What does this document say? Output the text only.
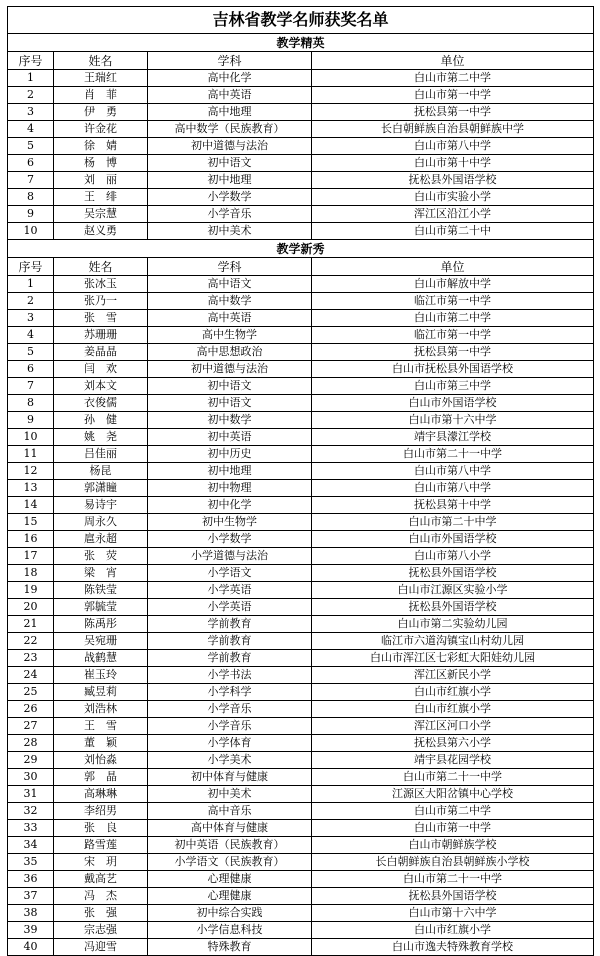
吉林省教学名师获奖名单			
教学精英			
序号	姓名	学科	单位
1	王瑞红	高中化学	白山市第二中学
2	肖　菲	高中英语	白山市第一中学
3	伊　勇	高中地理	抚松县第一中学
4	许金花	高中数学（民族教育）	长白朝鲜族自治县朝鲜族中学
5	徐　婧	初中道德与法治	白山市第八中学
6	杨　博	初中语文	白山市第十中学
7	刘　丽	初中地理	抚松县外国语学校
8	王　绯	小学数学	白山市实验小学
9	吴宗慧	小学音乐	浑江区沿江小学
10	赵义勇	初中美术	白山市第二十中
教学新秀			
序号	姓名	学科	单位
1	张冰玉	高中语文	白山市解放中学
2	张乃一	高中数学	临江市第一中学
3	张　雪	高中英语	白山市第二中学
4	苏珊珊	高中生物学	临江市第一中学
5	姜晶晶	高中思想政治	抚松县第一中学
6	闫　欢	初中道德与法治	白山市抚松县外国语学校
7	刘本文	初中语文	白山市第三中学
8	衣俊儒	初中语文	白山市外国语学校
9	孙　健	初中数学	白山市第十六中学
10	姚　尧	初中英语	靖宇县濛江学校
11	吕佳丽	初中历史	白山市第二十一中学
12	杨昆	初中地理	白山市第八中学
13	郭潇瞳	初中物理	白山市第八中学
14	易诗宇	初中化学	抚松县第十中学
15	周永久	初中生物学	白山市第二十中学
16	扈永超	小学数学	白山市外国语学校
17	张　荧	小学道德与法治	白山市第八小学
18	梁　宵	小学语文	抚松县外国语学校
19	陈铁莹	小学英语	白山市江源区实验小学
20	郭毓莹	小学英语	抚松县外国语学校
21	陈禹彤	学前教育	白山市第二实验幼儿园
22	吴宛珊	学前教育	临江市六道沟镇宝山村幼儿园
23	战鹤慧	学前教育	白山市浑江区七彩虹大阳娃幼儿园
24	崔玉玲	小学书法	浑江区新民小学
25	臧昱莉	小学科学	白山市红旗小学
26	刘浩林	小学音乐	白山市红旗小学
27	王　雪	小学音乐	浑江区河口小学
28	董　颖	小学体育	抚松县第六小学
29	刘怡淼	小学美术	靖宇县花园学校
30	郭　晶	初中体育与健康	白山市第二十一中学
31	高琳琳	初中美术	江源区大阳岔镇中心学校
32	李绍男	高中音乐	白山市第二中学
33	张　良	高中体育与健康	白山市第一中学
34	路雪莲	初中英语（民族教育）	白山市朝鲜族学校
35	宋　玥	小学语文（民族教育）	长白朝鲜族自治县朝鲜族小学校
36	戴高艺	心理健康	白山市第二十一中学
37	冯　杰	心理健康	抚松县外国语学校
38	张　强	初中综合实践	白山市第十六中学
39	宗志强	小学信息科技	白山市红旗小学
40	冯迎雪	特殊教育	白山市逸夫特殊教育学校
